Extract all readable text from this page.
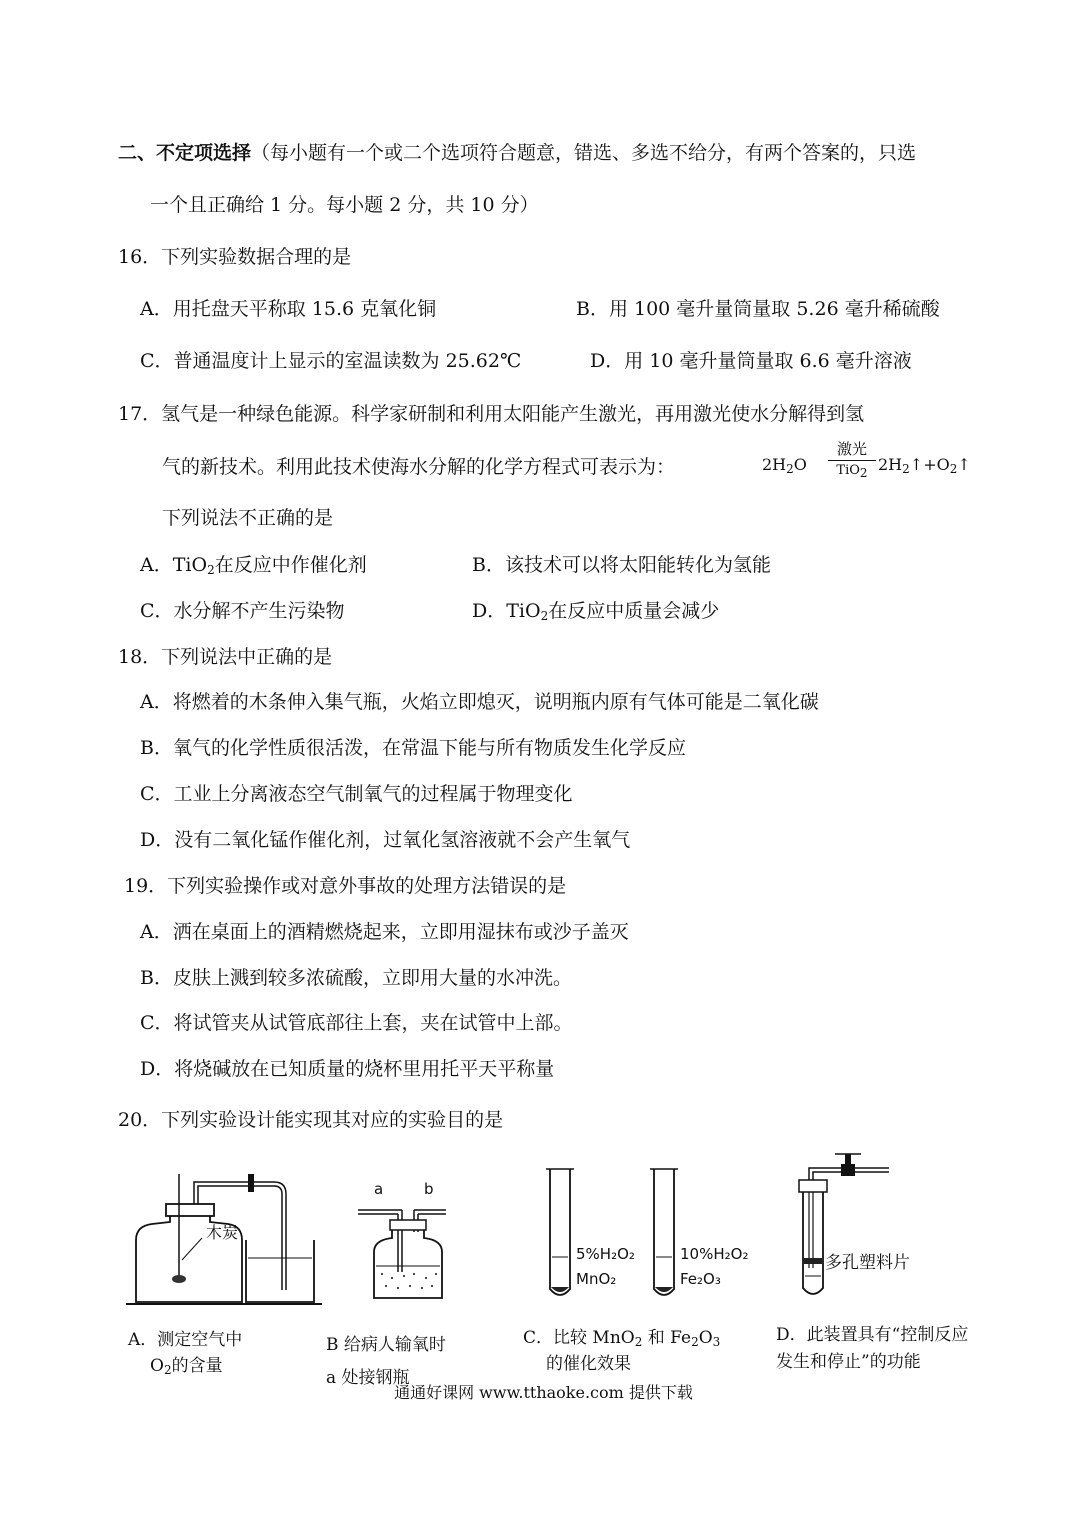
二、不定项选择（每小题有一个或二个选项符合题意，错选、多选不给分，有两个答案的，只选
一个且正确给 1 分。每小题 2 分，共 10 分）
16．下列实验数据合理的是
A．用托盘天平称取 15.6 克氧化铜	B．用 100 毫升量筒量取 5.26 毫升稀硫酸
C．普通温度计上显示的室温读数为 25.62℃	D．用 10 毫升量筒量取 6.6 毫升溶液
17．氢气是一种绿色能源。科学家研制和利用太阳能产生激光，再用激光使水分解得到氢
气的新技术。利用此技术使海水分解的化学方程式可表示为：	$2H_2O$
激光
TiO$_2$ $2H_2↑+O_2↑$
下列说法不正确的是
A．TiO$_2$在反应中作催化剂	B．该技术可以将太阳能转化为氢能
C．水分解不产生污染物	D．TiO$_2$在反应中质量会减少
18．下列说法中正确的是
A．将燃着的木条伸入集气瓶，火焰立即熄灭，说明瓶内原有气体可能是二氧化碳
B．氧气的化学性质很活泼，在常温下能与所有物质发生化学反应
C．工业上分离液态空气制氧气的过程属于物理变化
D．没有二氧化锰作催化剂，过氧化氢溶液就不会产生氧气
19．下列实验操作或对意外事故的处理方法错误的是
A．洒在桌面上的酒精燃烧起来，立即用湿抹布或沙子盖灭
B．皮肤上溅到较多浓硫酸，立即用大量的水冲洗。
C．将试管夹从试管底部往上套，夹在试管中上部。
D．将烧碱放在已知质量的烧杯里用托平天平称量
20．下列实验设计能实现其对应的实验目的是
木炭
a	b
5%H₂O₂
MnO₂
10%H₂O₂
Fe₂O₃
多孔塑料片
A．测定空气中
$O_2$的含量
B 给病人输氧时
a 处接钢瓶
C．比较 MnO$_2$ 和 $Fe_2O_3$
的催化效果
D．此装置具有“控制反应
发生和停止”的功能
通通好课网 www.tthaoke.com 提供下载
